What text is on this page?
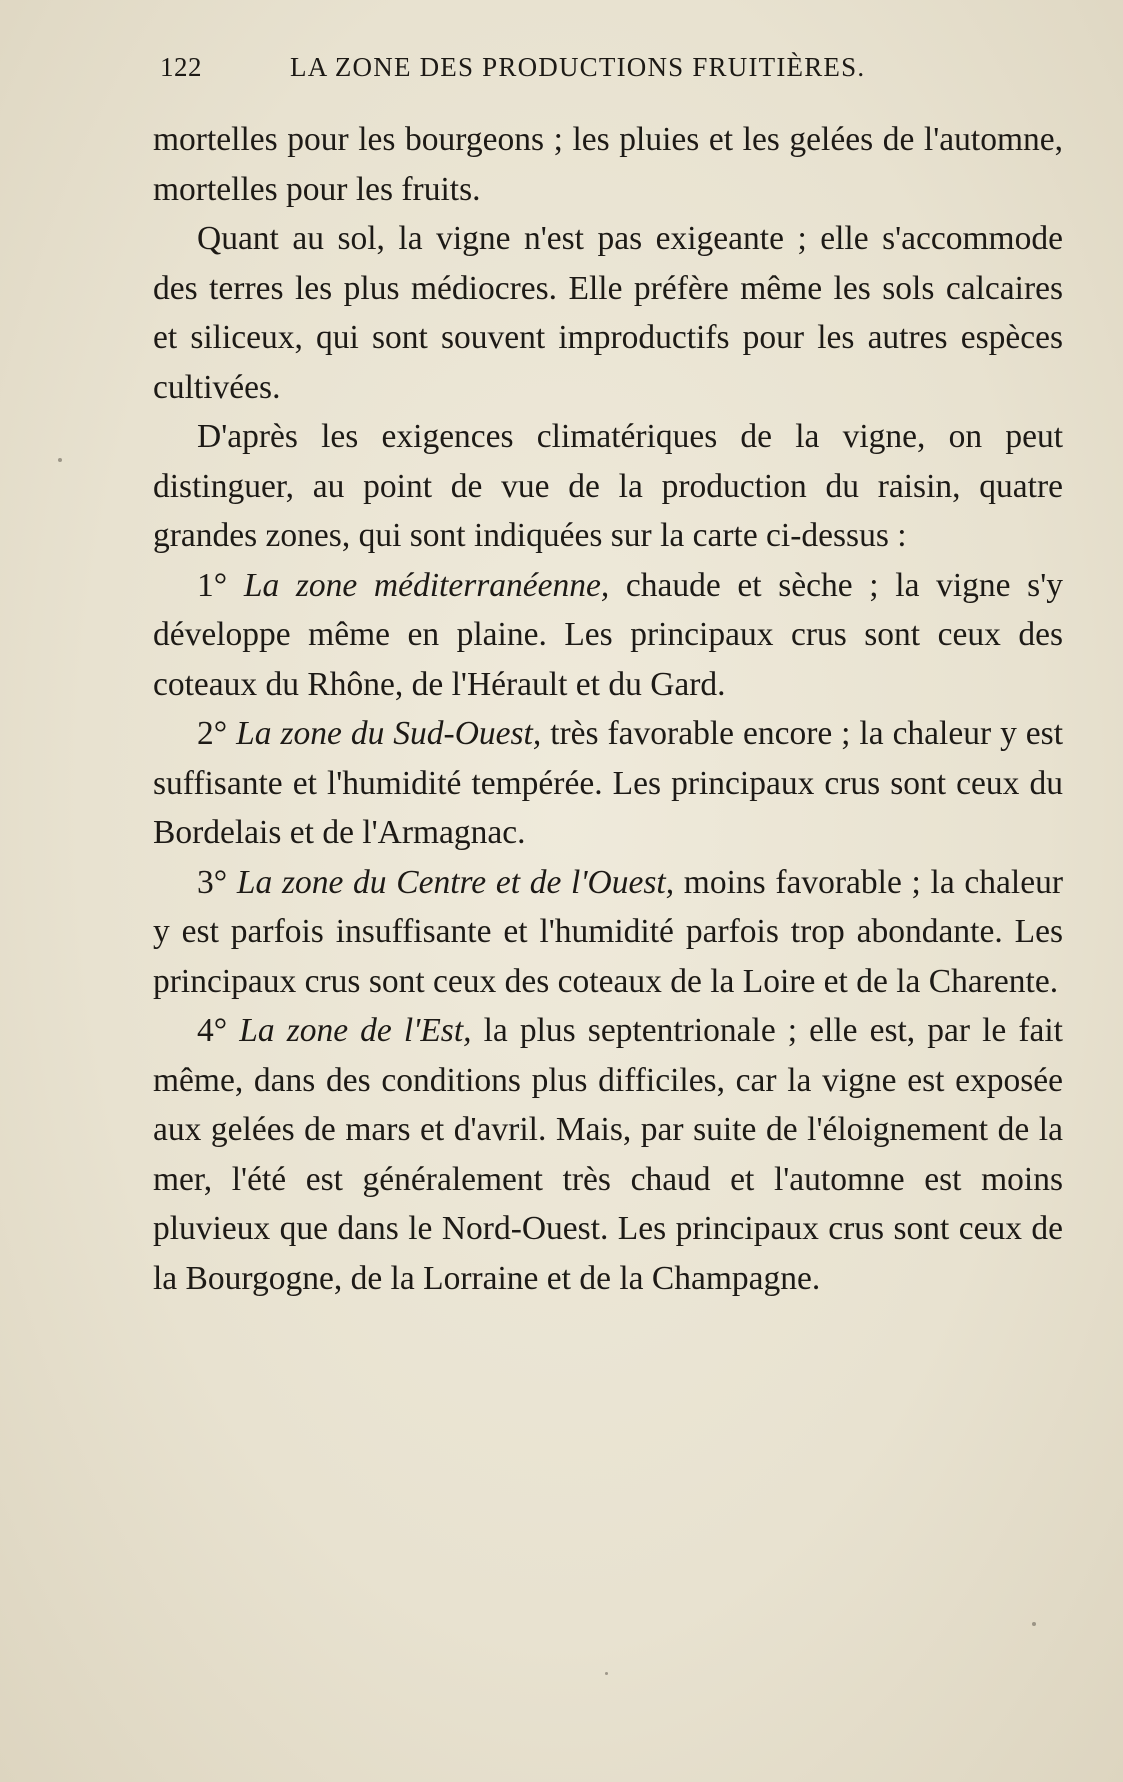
122	LA ZONE DES PRODUCTIONS FRUITIÈRES.

mortelles pour les bourgeons ; les pluies et les gelées de l'automne, mortelles pour les fruits.

Quant au sol, la vigne n'est pas exigeante ; elle s'accommode des terres les plus médiocres. Elle préfère même les sols calcaires et siliceux, qui sont souvent improductifs pour les autres espèces cultivées.

D'après les exigences climatériques de la vigne, on peut distinguer, au point de vue de la production du raisin, quatre grandes zones, qui sont indiquées sur la carte ci-dessus :

1° La zone méditerranéenne, chaude et sèche ; la vigne s'y développe même en plaine. Les principaux crus sont ceux des coteaux du Rhône, de l'Hérault et du Gard.

2° La zone du Sud-Ouest, très favorable encore ; la chaleur y est suffisante et l'humidité tempérée. Les principaux crus sont ceux du Bordelais et de l'Armagnac.

3° La zone du Centre et de l'Ouest, moins favorable ; la chaleur y est parfois insuffisante et l'humidité parfois trop abondante. Les principaux crus sont ceux des coteaux de la Loire et de la Charente.

4° La zone de l'Est, la plus septentrionale ; elle est, par le fait même, dans des conditions plus difficiles, car la vigne est exposée aux gelées de mars et d'avril. Mais, par suite de l'éloignement de la mer, l'été est généralement très chaud et l'automne est moins pluvieux que dans le Nord-Ouest. Les principaux crus sont ceux de la Bourgogne, de la Lorraine et de la Champagne.
